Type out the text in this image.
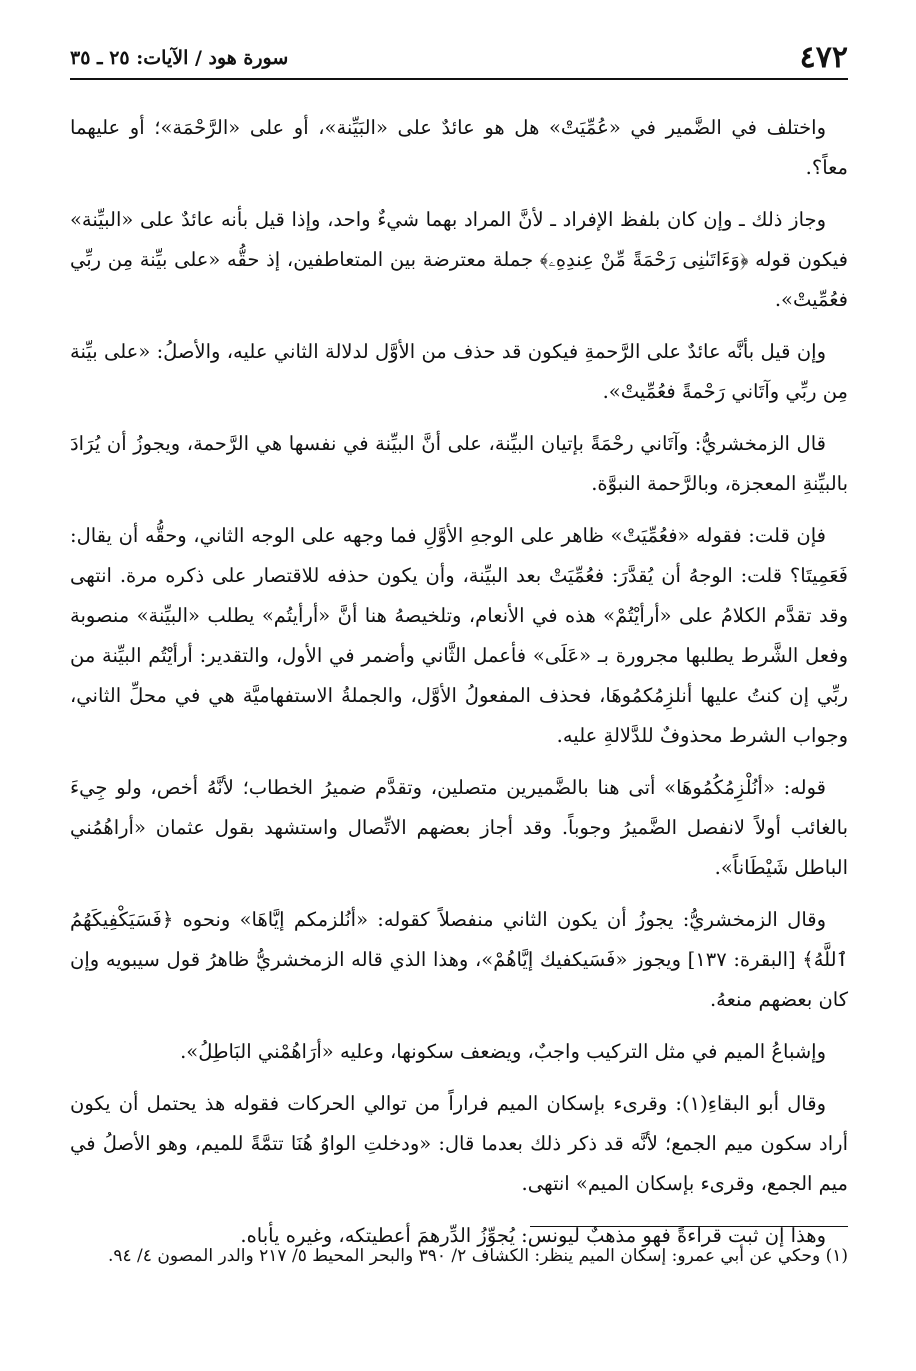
٤٧٢
سورة هود / الآيات: ٢٥ ـ ٣٥

واختلف في الضَّمير في «عُمِّيَتْ» هل هو عائدٌ على «البَيِّنة»، أو على «الرَّحْمَة»؛ أو عليهما معاً؟.

وجاز ذلك ـ وإن كان بلفظ الإفراد ـ لأنَّ المراد بهما شيءٌ واحد، وإذا قيل بأنه عائدٌ على «البيِّنة» فيكون قوله ﴿وَءَاتَىٰنِى رَحْمَةً مِّنْ عِندِهِۦ﴾ جملة معترضة بين المتعاطفين، إذ حقُّه «على بيِّنة مِن ربِّي فعُمِّيتْ».

وإن قيل بأنَّه عائدٌ على الرَّحمةِ فيكون قد حذف من الأوَّل لدلالة الثاني عليه، والأصلُ: «على بيِّنة مِن ربِّي وآتَاني رَحْمةً فعُمِّيتْ».

قال الزمخشريُّ: وآتَاني رحْمَةً بإتيان البيِّنة، على أنَّ البيِّنة في نفسها هي الرَّحمة، ويجوزُ أن يُرَادَ بالبيِّنةِ المعجزة، وبالرَّحمة النبوَّة.

فإن قلت: فقوله «فعُمِّيَتْ» ظاهر على الوجهِ الأوَّلِ فما وجهه على الوجه الثاني، وحقُّه أن يقال: فَعَمِيتَا؟ قلت: الوجهُ أن يُقدَّرَ: فعُمِّيَتْ بعد البيِّنة، وأن يكون حذفه للاقتصار على ذكره مرة. انتهى وقد تقدَّم الكلامُ على «أرأيْتُمْ» هذه في الأنعام، وتلخيصهُ هنا أنَّ «أرأيتُم» يطلب «البيِّنة» منصوبة وفعل الشَّرط يطلبها مجرورة بـ «عَلَى» فأعمل الثَّاني وأضمر في الأول، والتقدير: أرأيْتُم البيِّنة من ربِّي إن كنتُ عليها أنلزِمُكمُوهَا، فحذف المفعولُ الأوَّل، والجملةُ الاستفهاميَّة هي في محلِّ الثاني، وجواب الشرط محذوفٌ للدَّلالةِ عليه.

قوله: «أنُلْزِمُكُمُوهَا» أتى هنا بالضَّميرين متصلين، وتقدَّم ضميرُ الخطاب؛ لأنَّهُ أخص، ولو جِيءَ بالغائب أولاً لانفصل الضَّميرُ وجوباً. وقد أجاز بعضهم الاتِّصال واستشهد بقول عثمان «أراهُمُني الباطل شَيْطَاناً».

وقال الزمخشريُّ: يجوزُ أن يكون الثاني منفصلاً كقوله: «أنُلزمكم إيَّاهَا» ونحوه ﴿فَسَيَكْفِيكَهُمُ ٱللَّهُ﴾ [البقرة: ١٣٧] ويجوز «فَسَيكفيك إيَّاهُمْ»، وهذا الذي قاله الزمخشريُّ ظاهرُ قول سيبويه وإن كان بعضهم منعهُ.

وإشباعُ الميم في مثل التركيب واجبٌ، ويضعف سكونها، وعليه «أرَاهُمْني البَاطِلُ».

وقال أبو البقاءِ(١): وقرىء بإسكان الميم فراراً من توالي الحركات فقوله هذ يحتمل أن يكون أراد سكون ميم الجمع؛ لأنَّه قد ذكر ذلك بعدما قال: «ودخلتِ الواوُ هُنَا تتمَّةً للميم، وهو الأصلُ في ميم الجمع، وقرىء بإسكان الميم» انتهى.

وهذا إن ثبت قراءةً فهو مذهبٌ ليونس: يُجوِّزُ الدِّرهمَ أعطيتكه، وغيره يأباه.

(١) وحكي عن أبي عمرو: إسكان الميم ينظر: الكشاف ٢/ ٣٩٠ والبحر المحيط ٥/ ٢١٧ والدر المصون ٤/ ٩٤.
